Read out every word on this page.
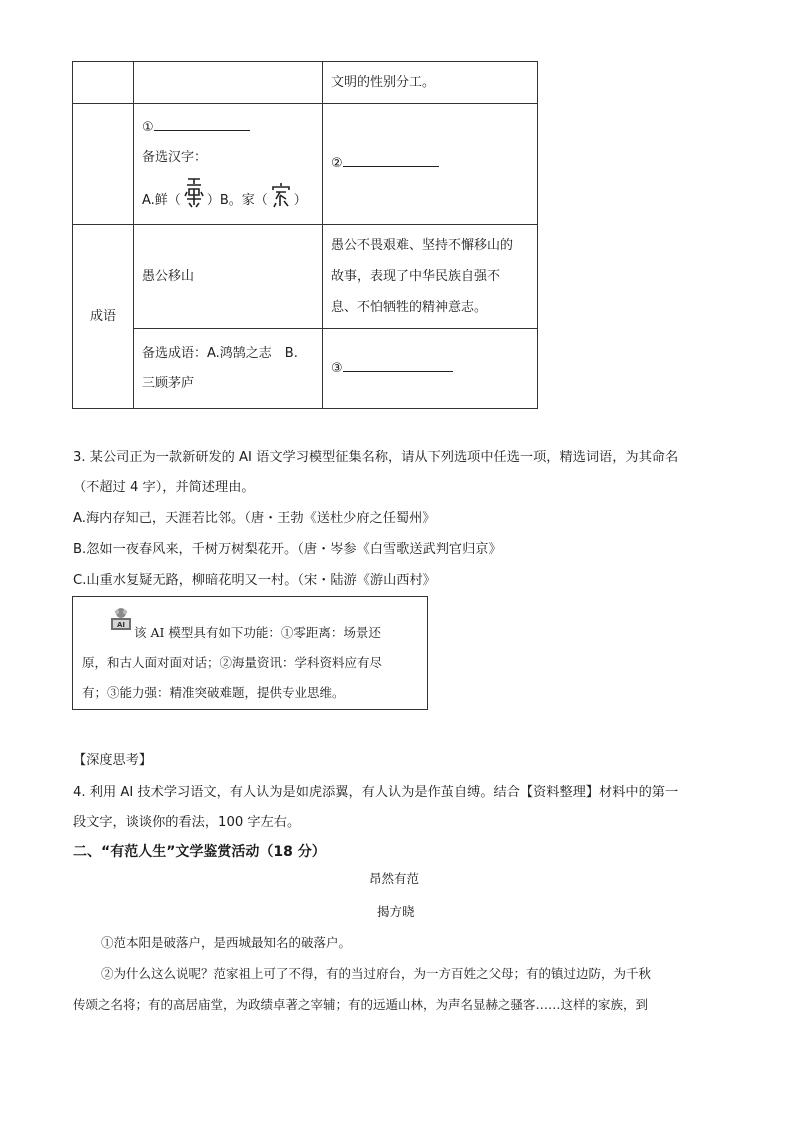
		文明的性别分工。

	①
备选汉字：
A.鲜（ ）B。家（ ）	②
成语	愚公移山	愚公不畏艰难、坚持不懈移山的
故事，表现了中华民族自强不
息、不怕牺牲的精神意志。

	备选成语：A.鸿鹄之志　B.
三顾茅庐	③
3. 某公司正为一款新研发的 AI 语文学习模型征集名称，请从下列选项中任选一项，精选词语，为其命名
（不超过 4 字），并简述理由。
A.海内存知己，天涯若比邻。（唐・王勃《送杜少府之任蜀州》
B.忽如一夜春风来，千树万树梨花开。（唐・岑参《白雪歌送武判官归京》
C.山重水复疑无路，柳暗花明又一村。（宋・陆游《游山西村》
AI 该 AI 模型具有如下功能：①零距离：场景还
原，和古人面对面对话；②海量资讯：学科资料应有尽
有；③能力强：精准突破难题，提供专业思维。
【深度思考】
4. 利用 AI 技术学习语文，有人认为是如虎添翼，有人认为是作茧自缚。结合【资料整理】材料中的第一
段文字，谈谈你的看法，100 字左右。
二、“有范人生”文学鉴赏活动（18 分）
昂然有范
揭方晓
①范本阳是破落户，是西城最知名的破落户。
②为什么这么说呢？范家祖上可了不得，有的当过府台，为一方百姓之父母；有的镇过边防，为千秋
传颂之名将；有的高居庙堂，为政绩卓著之宰辅；有的远遁山林，为声名显赫之骚客……这样的家族，到
